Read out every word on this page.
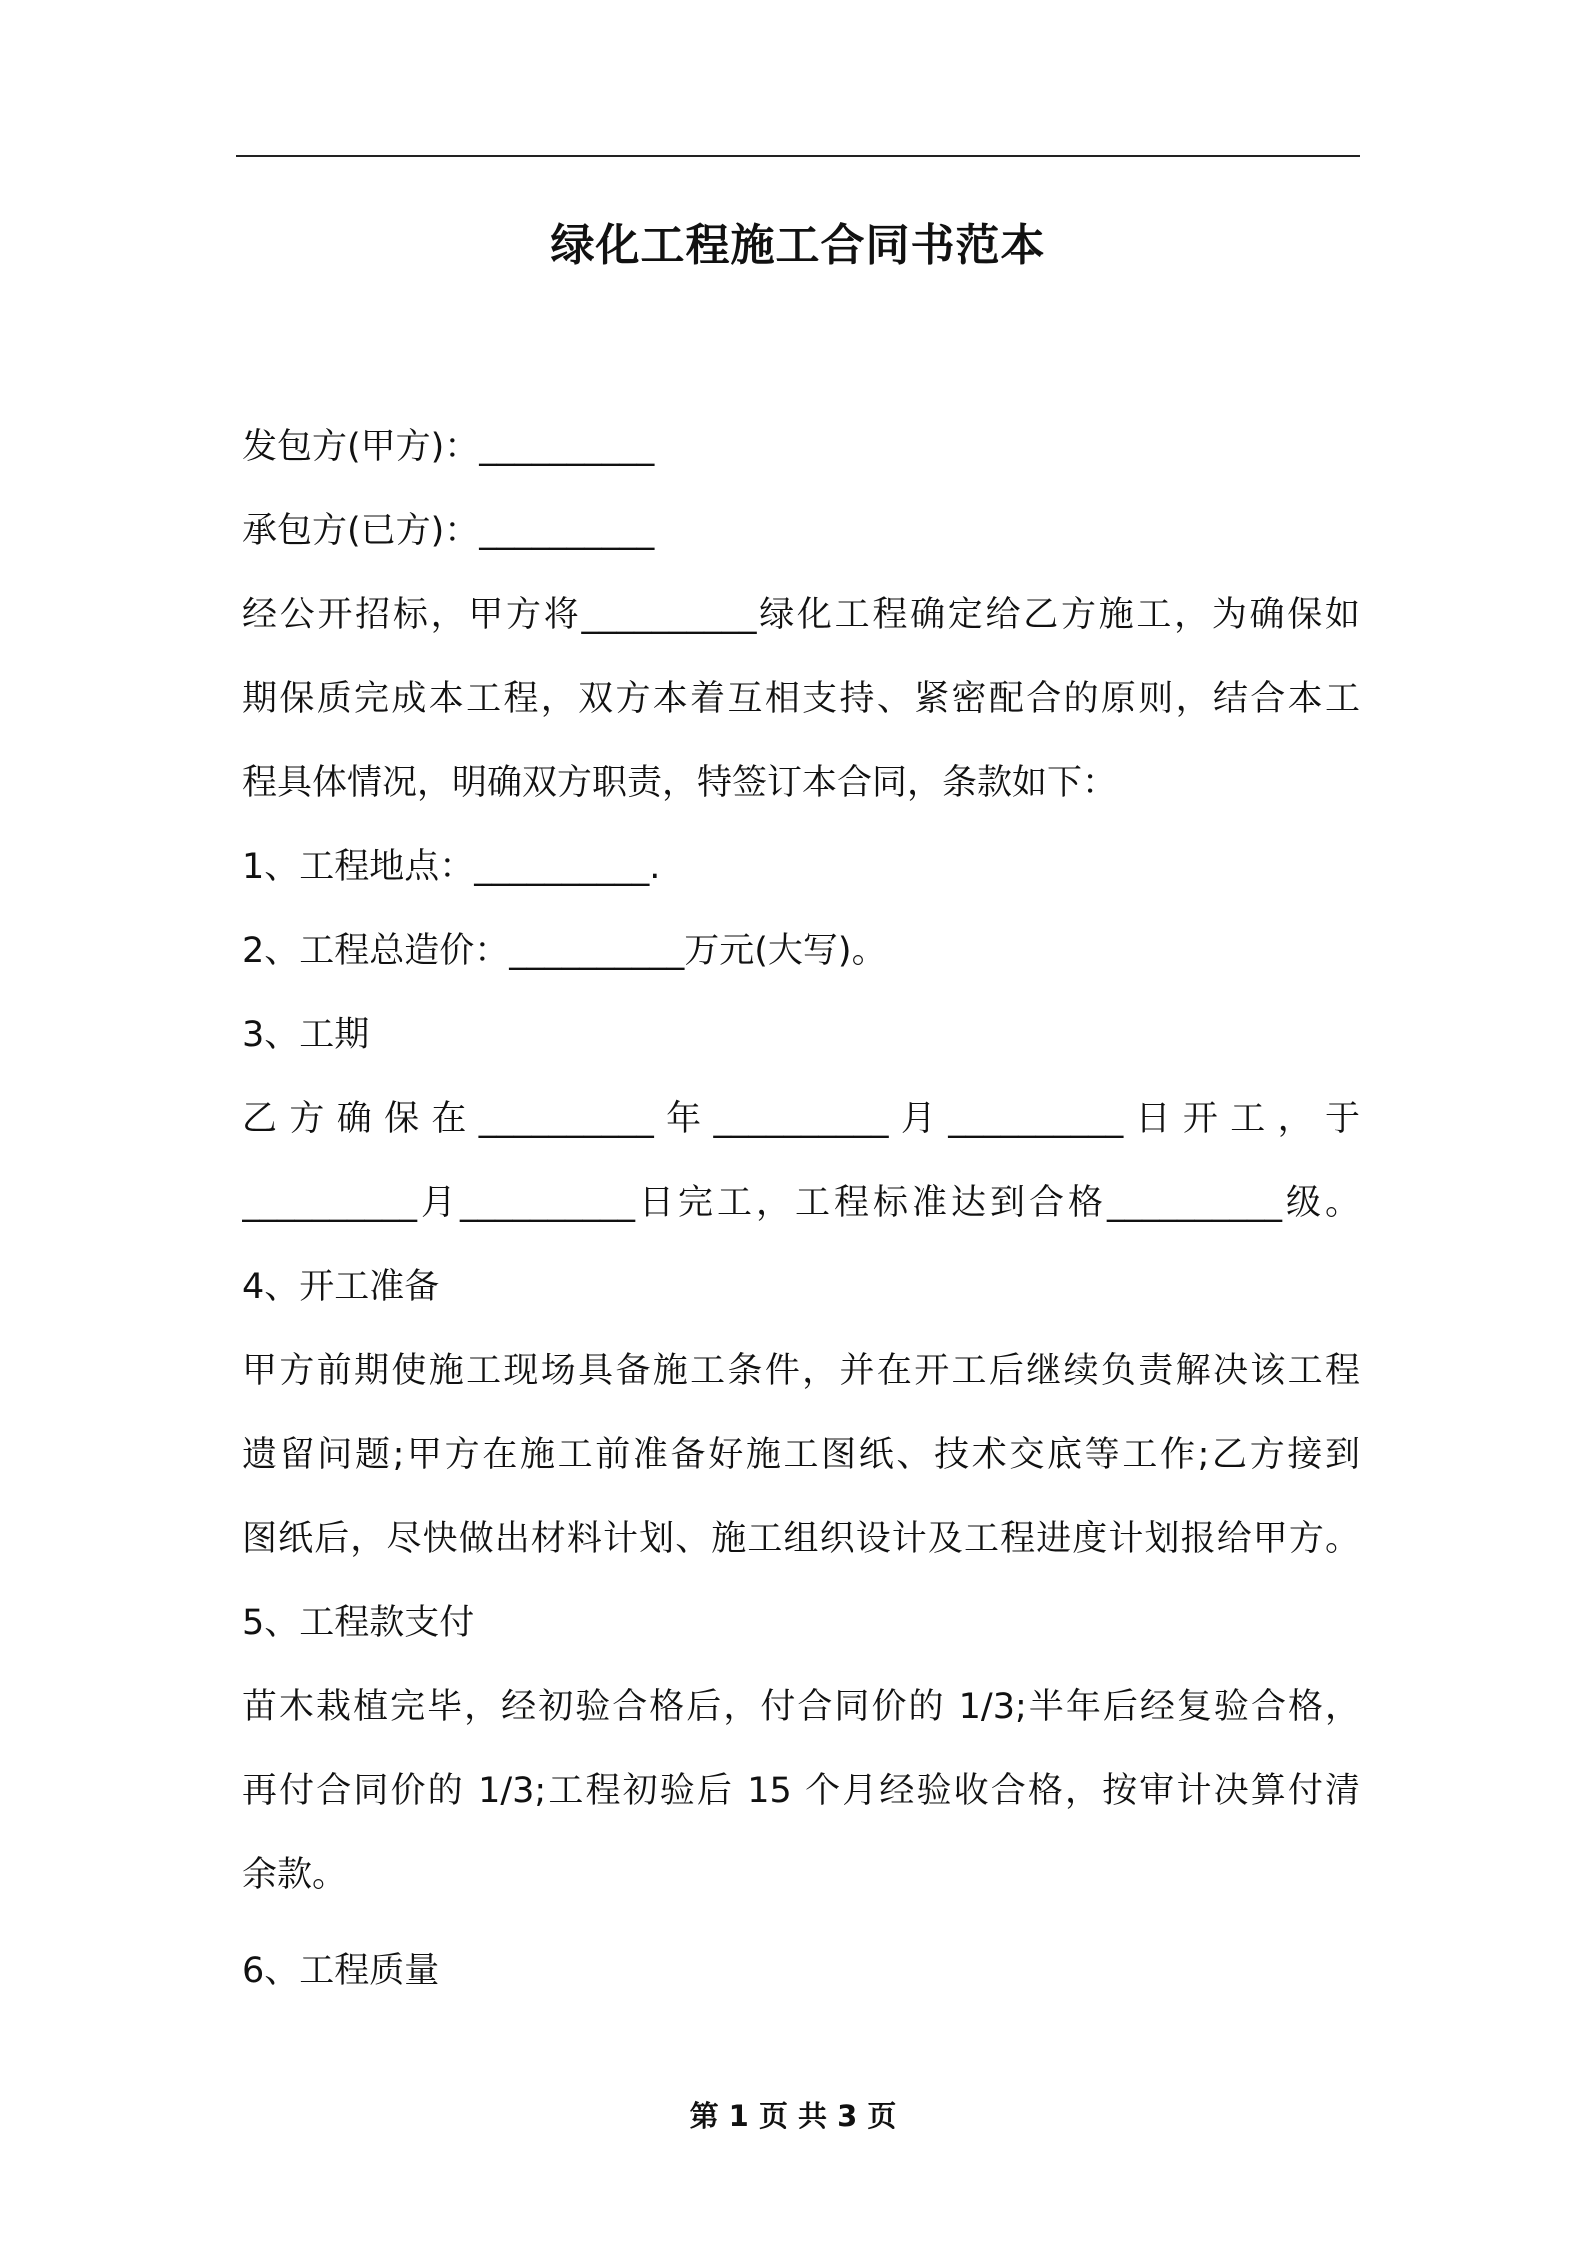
绿化工程施工合同书范本
发包方(甲方)：__________
承包方(已方)：__________
经公开招标，甲方将__________绿化工程确定给乙方施工，为确保如
期保质完成本工程，双方本着互相支持、紧密配合的原则，结合本工
程具体情况，明确双方职责，特签订本合同，条款如下：
1、工程地点：__________.
2、工程总造价：__________万元(大写)。
3、工期
乙方确保在__________年__________月__________日开工，于
__________月__________日完工，工程标准达到合格__________级。
4、开工准备
甲方前期使施工现场具备施工条件，并在开工后继续负责解决该工程
遗留问题;甲方在施工前准备好施工图纸、技术交底等工作;乙方接到
图纸后，尽快做出材料计划、施工组织设计及工程进度计划报给甲方。
5、工程款支付
苗木栽植完毕，经初验合格后，付合同价的 1/3;半年后经复验合格，
再付合同价的 1/3;工程初验后 15 个月经验收合格，按审计决算付清
余款。
6、工程质量
第 1 页 共 3 页
